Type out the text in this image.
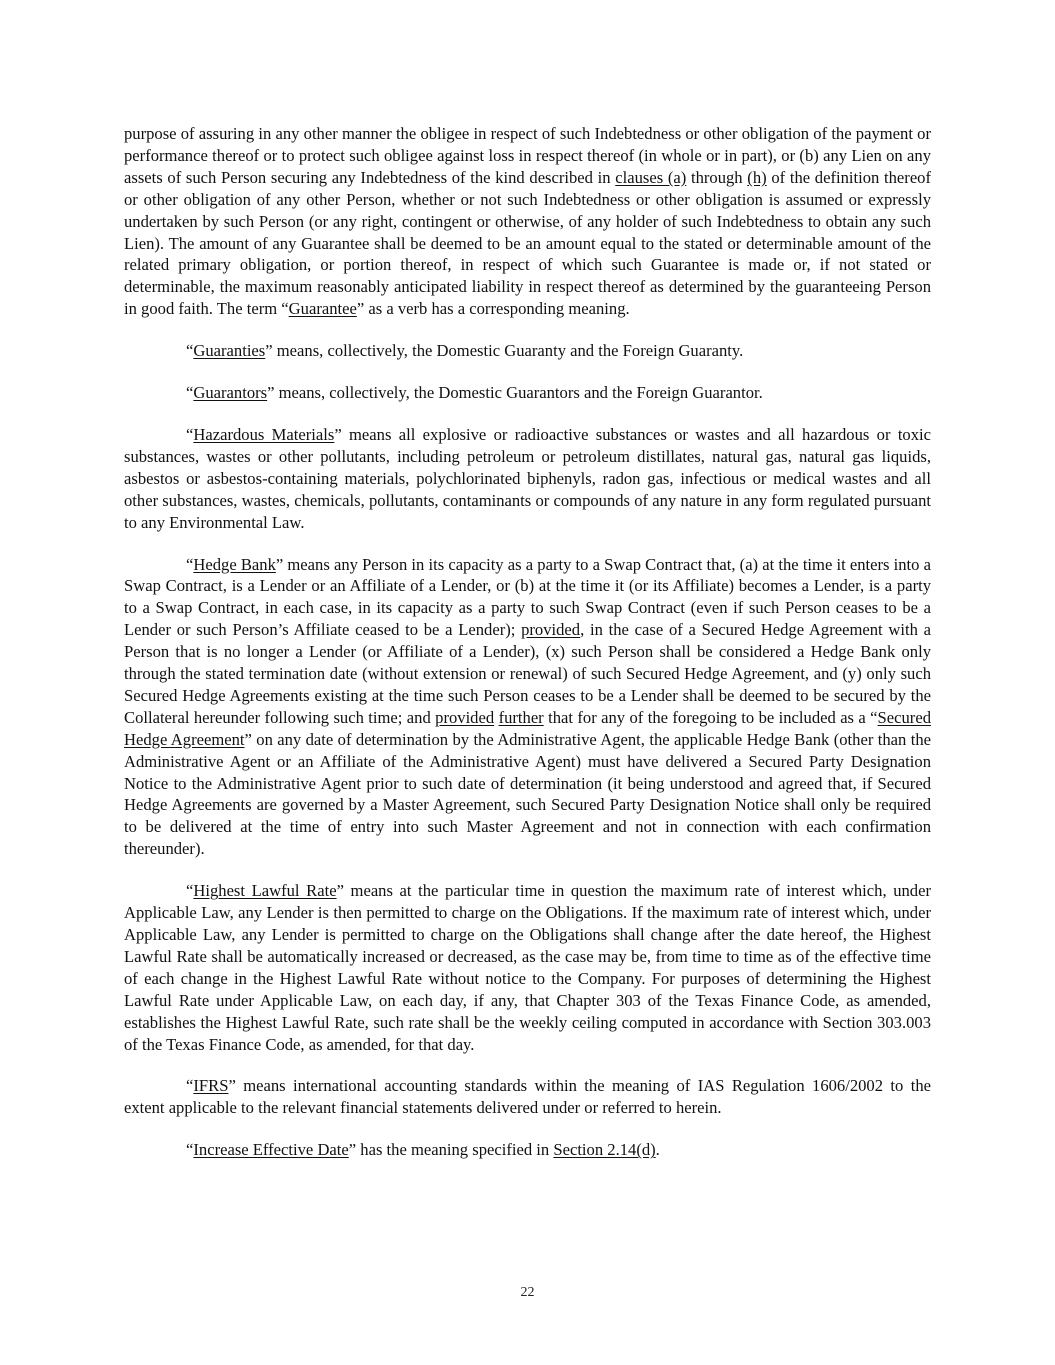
purpose of assuring in any other manner the obligee in respect of such Indebtedness or other obligation of the payment or performance thereof or to protect such obligee against loss in respect thereof (in whole or in part), or (b) any Lien on any assets of such Person securing any Indebtedness of the kind described in clauses (a) through (h) of the definition thereof or other obligation of any other Person, whether or not such Indebtedness or other obligation is assumed or expressly undertaken by such Person (or any right, contingent or otherwise, of any holder of such Indebtedness to obtain any such Lien). The amount of any Guarantee shall be deemed to be an amount equal to the stated or determinable amount of the related primary obligation, or portion thereof, in respect of which such Guarantee is made or, if not stated or determinable, the maximum reasonably anticipated liability in respect thereof as determined by the guaranteeing Person in good faith. The term “Guarantee” as a verb has a corresponding meaning.

“Guaranties” means, collectively, the Domestic Guaranty and the Foreign Guaranty.

“Guarantors” means, collectively, the Domestic Guarantors and the Foreign Guarantor.

“Hazardous Materials” means all explosive or radioactive substances or wastes and all hazardous or toxic substances, wastes or other pollutants, including petroleum or petroleum distillates, natural gas, natural gas liquids, asbestos or asbestos-containing materials, polychlorinated biphenyls, radon gas, infectious or medical wastes and all other substances, wastes, chemicals, pollutants, contaminants or compounds of any nature in any form regulated pursuant to any Environmental Law.

“Hedge Bank” means any Person in its capacity as a party to a Swap Contract that, (a) at the time it enters into a Swap Contract, is a Lender or an Affiliate of a Lender, or (b) at the time it (or its Affiliate) becomes a Lender, is a party to a Swap Contract, in each case, in its capacity as a party to such Swap Contract (even if such Person ceases to be a Lender or such Person’s Affiliate ceased to be a Lender); provided, in the case of a Secured Hedge Agreement with a Person that is no longer a Lender (or Affiliate of a Lender), (x) such Person shall be considered a Hedge Bank only through the stated termination date (without extension or renewal) of such Secured Hedge Agreement, and (y) only such Secured Hedge Agreements existing at the time such Person ceases to be a Lender shall be deemed to be secured by the Collateral hereunder following such time; and provided further that for any of the foregoing to be included as a “Secured Hedge Agreement” on any date of determination by the Administrative Agent, the applicable Hedge Bank (other than the Administrative Agent or an Affiliate of the Administrative Agent) must have delivered a Secured Party Designation Notice to the Administrative Agent prior to such date of determination (it being understood and agreed that, if Secured Hedge Agreements are governed by a Master Agreement, such Secured Party Designation Notice shall only be required to be delivered at the time of entry into such Master Agreement and not in connection with each confirmation thereunder).

“Highest Lawful Rate” means at the particular time in question the maximum rate of interest which, under Applicable Law, any Lender is then permitted to charge on the Obligations. If the maximum rate of interest which, under Applicable Law, any Lender is permitted to charge on the Obligations shall change after the date hereof, the Highest Lawful Rate shall be automatically increased or decreased, as the case may be, from time to time as of the effective time of each change in the Highest Lawful Rate without notice to the Company. For purposes of determining the Highest Lawful Rate under Applicable Law, on each day, if any, that Chapter 303 of the Texas Finance Code, as amended, establishes the Highest Lawful Rate, such rate shall be the weekly ceiling computed in accordance with Section 303.003 of the Texas Finance Code, as amended, for that day.

“IFRS” means international accounting standards within the meaning of IAS Regulation 1606/2002 to the extent applicable to the relevant financial statements delivered under or referred to herein.

“Increase Effective Date” has the meaning specified in Section 2.14(d).

22
